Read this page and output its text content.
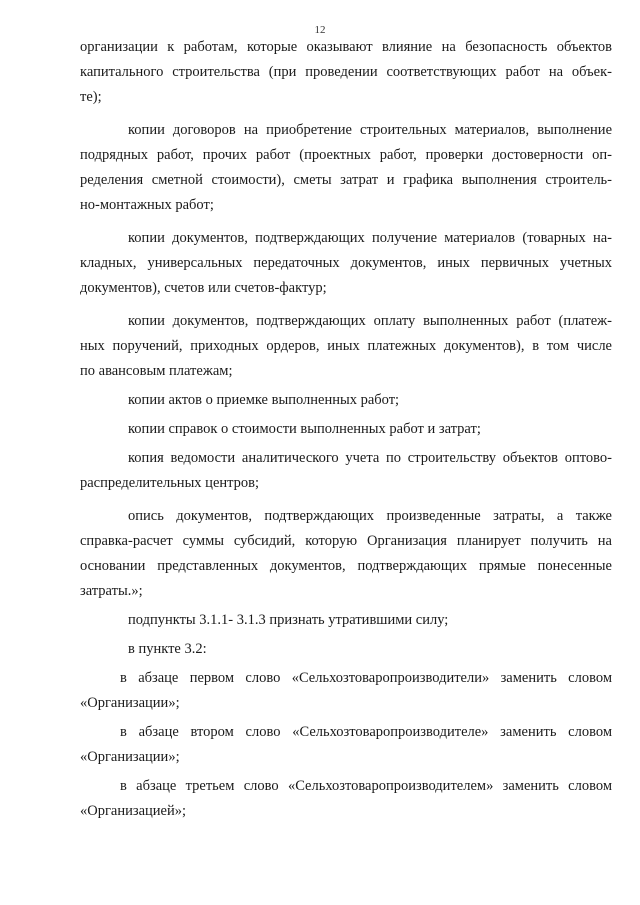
12
организации к работам, которые оказывают влияние на безопасность объектов
капитального строительства (при проведении соответствующих работ на объек-
те);
копии договоров на приобретение строительных материалов, выполнение
подрядных работ, прочих работ (проектных работ, проверки достоверности оп-
ределения сметной стоимости), сметы затрат и графика выполнения строитель-
но-монтажных работ;
копии документов, подтверждающих получение материалов (товарных на-
кладных, универсальных передаточных документов, иных первичных учетных
документов), счетов или счетов-фактур;
копии документов, подтверждающих оплату выполненных работ (платеж-
ных поручений, приходных ордеров, иных платежных документов), в том числе
по авансовым платежам;
копии актов о приемке выполненных работ;
копии справок о стоимости выполненных работ и затрат;
копия ведомости аналитического учета по строительству объектов оптово-
распределительных центров;
опись документов, подтверждающих произведенные затраты, а также
справка-расчет суммы субсидий, которую Организация планирует получить на
основании представленных документов, подтверждающих прямые понесенные
затраты.»;
подпункты 3.1.1- 3.1.3 признать утратившими силу;
в пункте 3.2:
в абзаце первом слово «Сельхозтоваропроизводители» заменить словом
«Организации»;
в абзаце втором слово «Сельхозтоваропроизводителе» заменить словом
«Организации»;
в абзаце третьем слово «Сельхозтоваропроизводителем» заменить словом
«Организацией»;
